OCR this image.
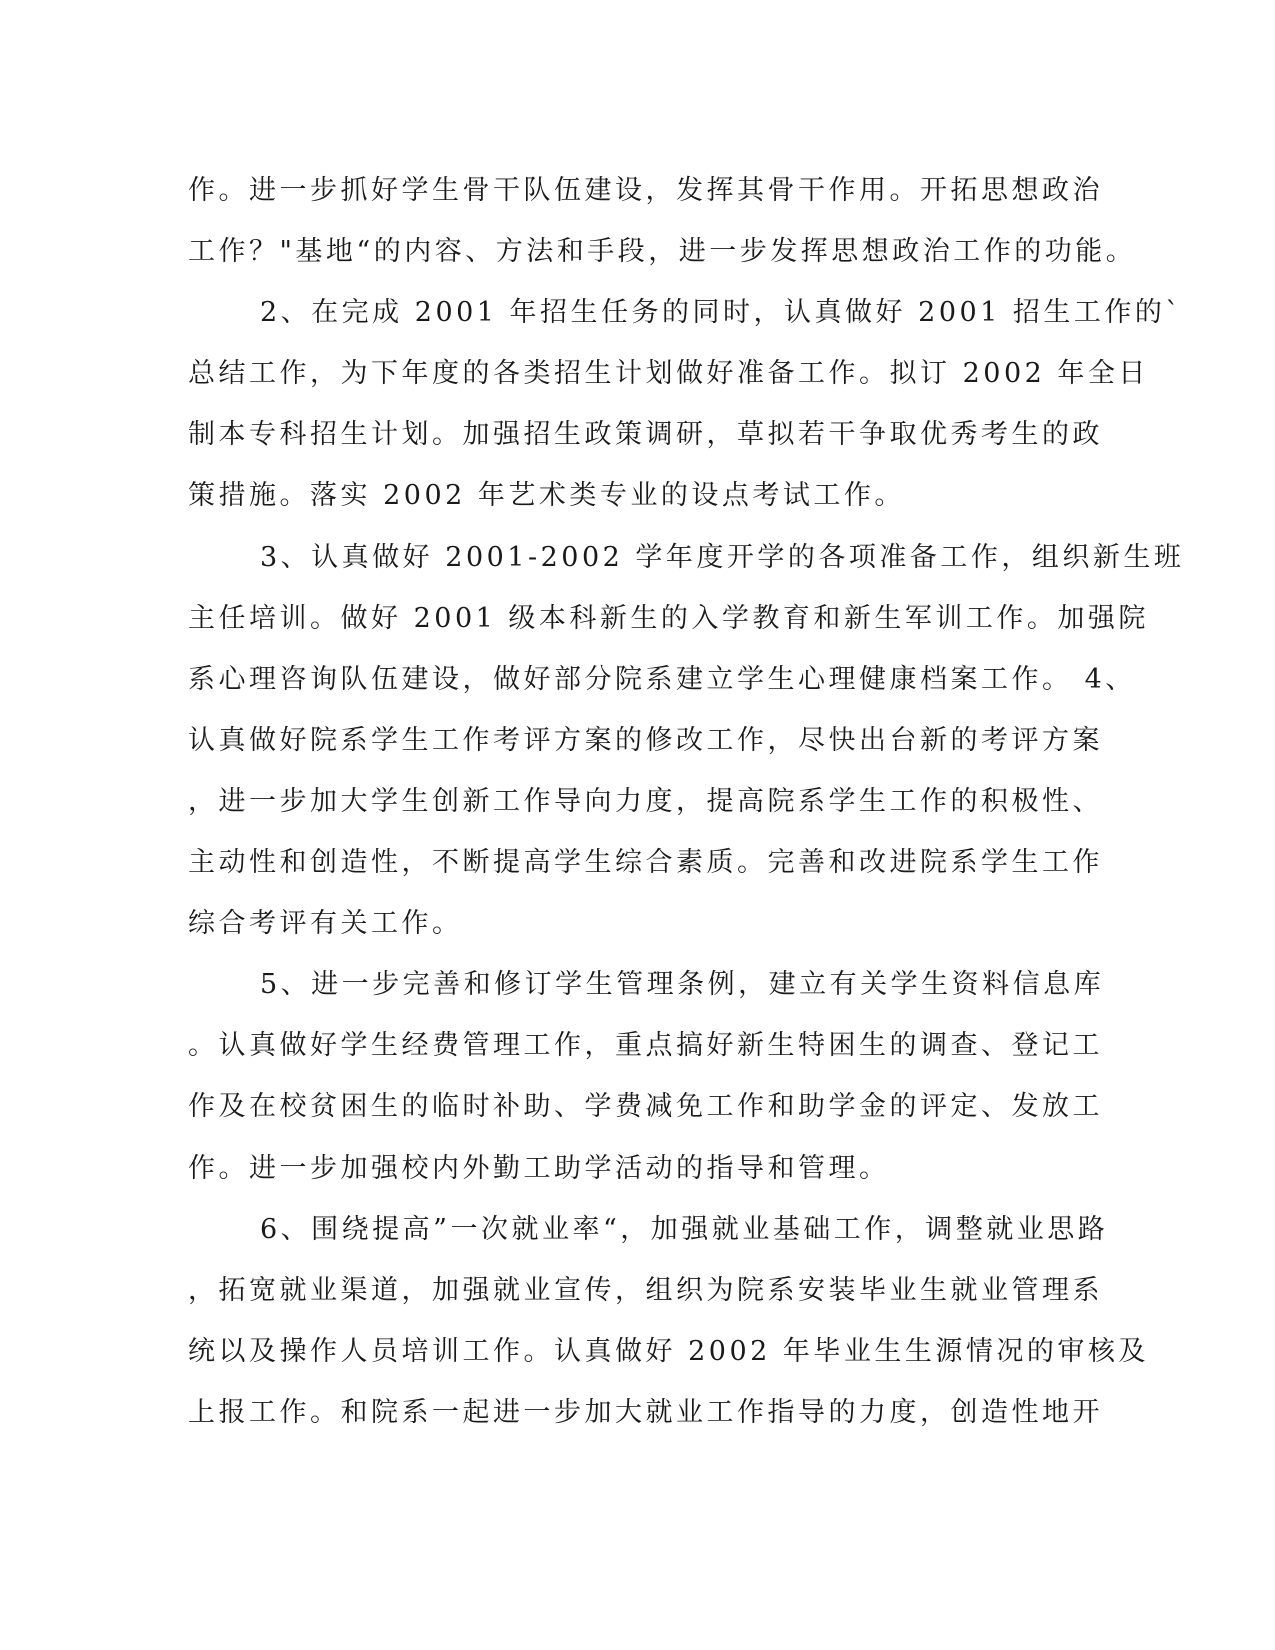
作。进一步抓好学生骨干队伍建设，发挥其骨干作用。开拓思想政治
工作？"基地“的内容、方法和手段，进一步发挥思想政治工作的功能。
2、在完成 2001 年招生任务的同时，认真做好 2001 招生工作的`
总结工作，为下年度的各类招生计划做好准备工作。拟订 2002 年全日
制本专科招生计划。加强招生政策调研，草拟若干争取优秀考生的政
策措施。落实 2002 年艺术类专业的设点考试工作。
3、认真做好 2001-2002 学年度开学的各项准备工作，组织新生班
主任培训。做好 2001 级本科新生的入学教育和新生军训工作。加强院
系心理咨询队伍建设，做好部分院系建立学生心理健康档案工作。 4、
认真做好院系学生工作考评方案的修改工作，尽快出台新的考评方案
，进一步加大学生创新工作导向力度，提高院系学生工作的积极性、
主动性和创造性，不断提高学生综合素质。完善和改进院系学生工作
综合考评有关工作。
5、进一步完善和修订学生管理条例，建立有关学生资料信息库
。认真做好学生经费管理工作，重点搞好新生特困生的调查、登记工
作及在校贫困生的临时补助、学费减免工作和助学金的评定、发放工
作。进一步加强校内外勤工助学活动的指导和管理。
6、围绕提高”一次就业率“，加强就业基础工作，调整就业思路
，拓宽就业渠道，加强就业宣传，组织为院系安装毕业生就业管理系
统以及操作人员培训工作。认真做好 2002 年毕业生生源情况的审核及
上报工作。和院系一起进一步加大就业工作指导的力度，创造性地开
